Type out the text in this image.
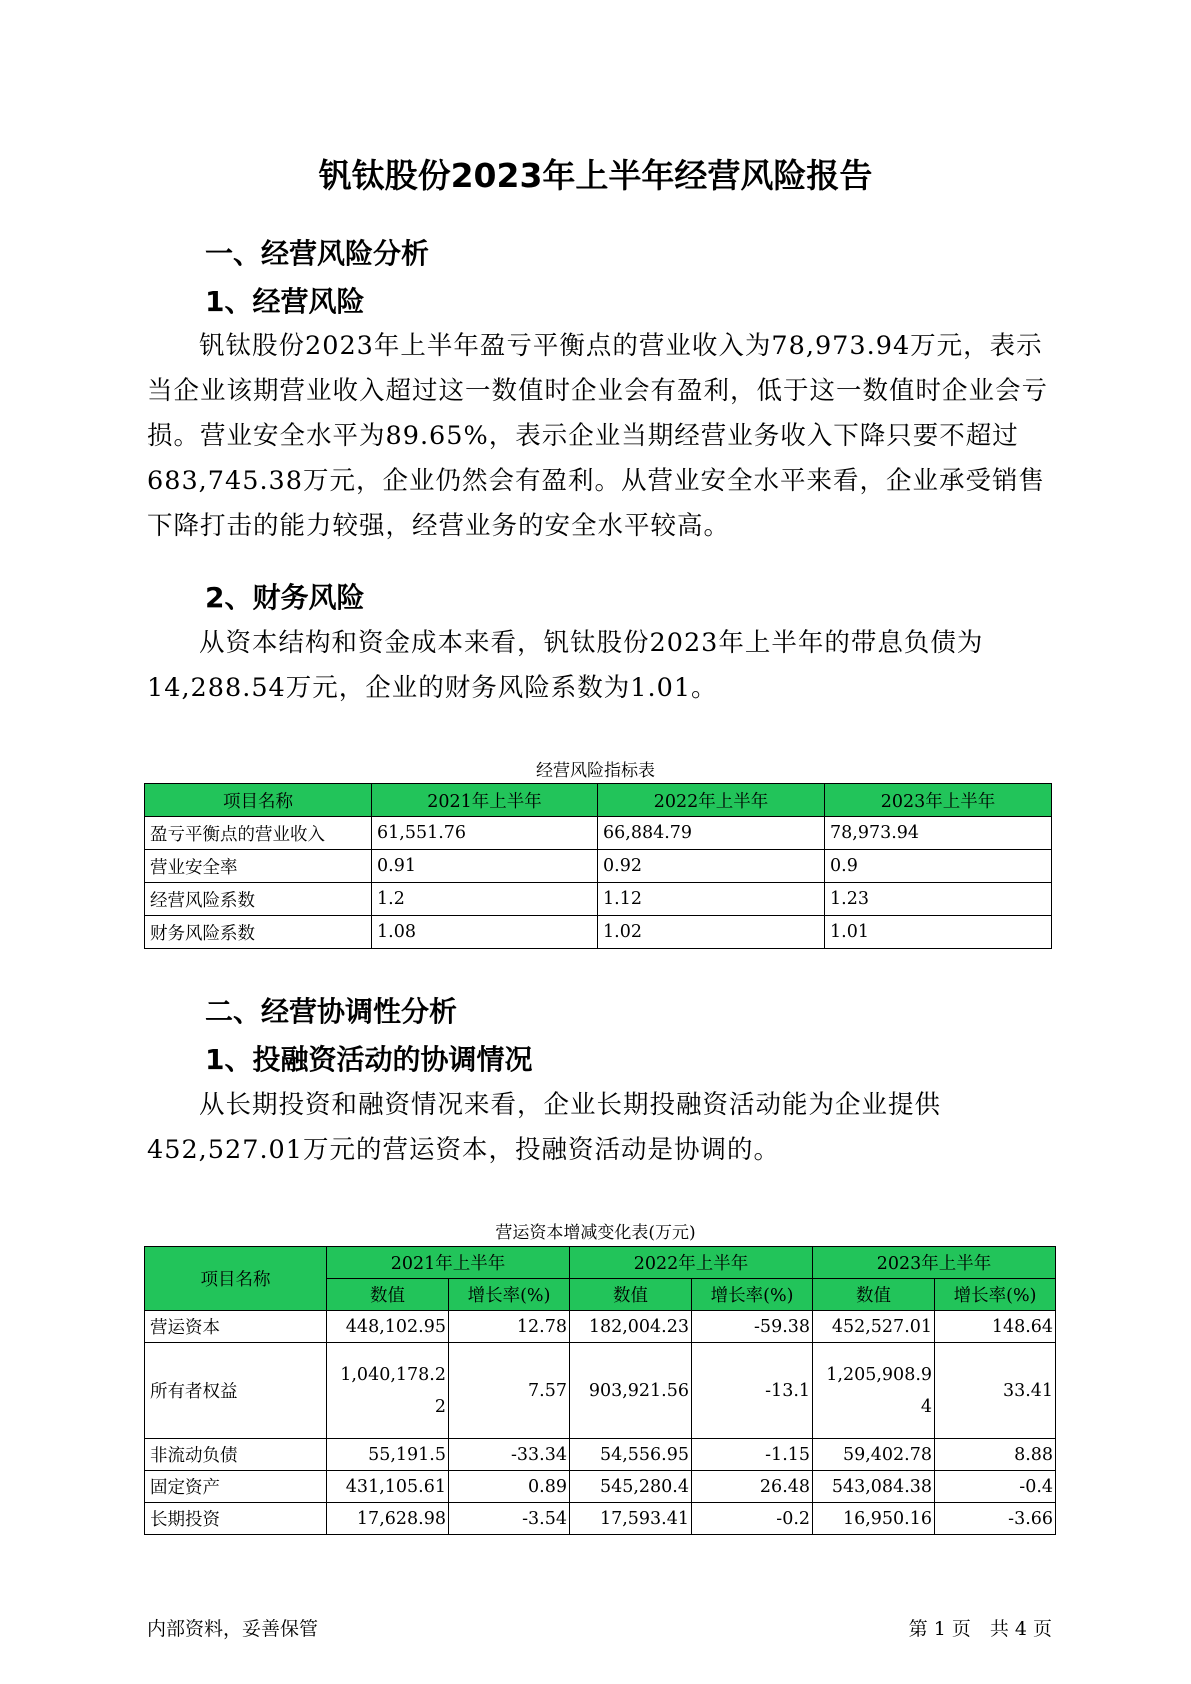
钒钛股份2023年上半年经营风险报告
一、经营风险分析
1、经营风险
钒钛股份2023年上半年盈亏平衡点的营业收入为78,973.94万元，表示当企业该期营业收入超过这一数值时企业会有盈利，低于这一数值时企业会亏损。营业安全水平为89.65%，表示企业当期经营业务收入下降只要不超过683,745.38万元，企业仍然会有盈利。从营业安全水平来看，企业承受销售下降打击的能力较强，经营业务的安全水平较高。
2、财务风险
从资本结构和资金成本来看，钒钛股份2023年上半年的带息负债为14,288.54万元，企业的财务风险系数为1.01。
经营风险指标表
项目名称	2021年上半年	2022年上半年	2023年上半年
盈亏平衡点的营业收入	61,551.76	66,884.79	78,973.94
营业安全率	0.91	0.92	0.9
经营风险系数	1.2	1.12	1.23
财务风险系数	1.08	1.02	1.01
二、经营协调性分析
1、投融资活动的协调情况
从长期投资和融资情况来看，企业长期投融资活动能为企业提供452,527.01万元的营运资本，投融资活动是协调的。
营运资本增减变化表(万元)
项目名称	2021年上半年		2022年上半年		2023年上半年	
	数值	增长率(%)	数值	增长率(%)	数值	增长率(%)
营运资本	448,102.95	12.78	182,004.23	-59.38	452,527.01	148.64
所有者权益	1,040,178.22	7.57	903,921.56	-13.1	1,205,908.94	33.41
非流动负债	55,191.5	-33.34	54,556.95	-1.15	59,402.78	8.88
固定资产	431,105.61	0.89	545,280.4	26.48	543,084.38	-0.4
长期投资	17,628.98	-3.54	17,593.41	-0.2	16,950.16	-3.66
内部资料，妥善保管	第 1 页　共 4 页
